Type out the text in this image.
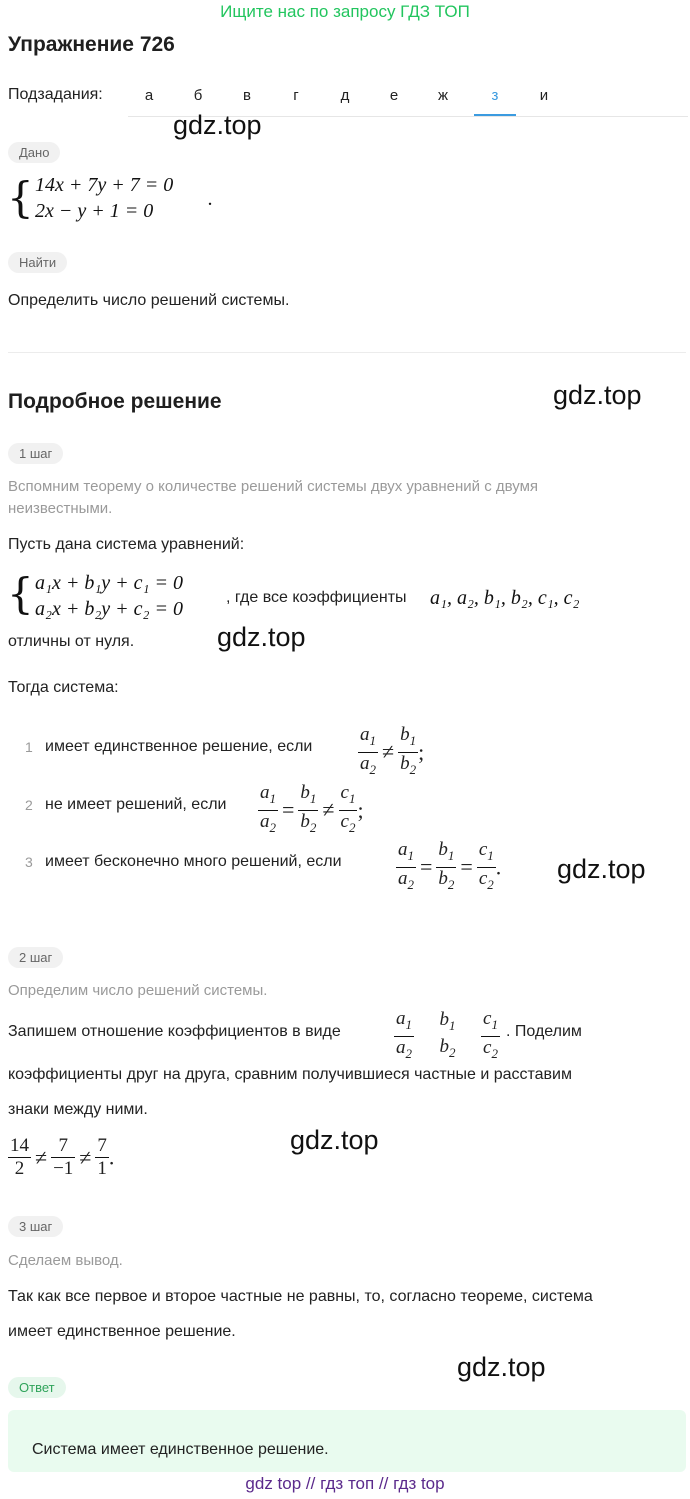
Ищите нас по запросу ГДЗ ТОП
Упражнение 726
Подзадания:	а	б	в	г	д	е	ж	з	и
gdz.top
gdz.top
gdz.top
gdz.top
gdz.top
gdz.top
Дано
{ 14x + 7y + 7 = 0
2x − y + 1 = 0
.
Найти
Определить число решений системы.
Подробное решение
1 шаг
Вспомним теорему о количестве решений системы двух уравнений с двумя неизвестными.
Пусть дана система уравнений:
{ a₁x + b₁y + c₁ = 0
a₂x + b₂y + c₂ = 0
, где все коэффициенты a₁, a₂, b₁, b₂, c₁, c₂
отличны от нуля.
Тогда система:
1 имеет единственное решение, если $\frac{a_1}{a_2} \ne \frac{b_1}{b_2}$ ;
2 не имеет решений, если $\frac{a_1}{a_2} = \frac{b_1}{b_2} \ne \frac{c_1}{c_2}$ ;
3 имеет бесконечно много решений, если	$\frac{a_1}{a_2} = \frac{b_1}{b_2} = \frac{c_1}{c_2}$ .
2 шаг
Определим число решений системы.
Запишем отношение коэффициентов в виде	$\frac{a_1}{a_2}$
$b_1$
$b_2$
$\frac{c_1}{c_2}$ . Поделим
коэффициенты друг на друга, сравним получившиеся частные и расставим
знаки между ними.
$\frac{14}{2} \ne \frac{7}{-1} \ne \frac{7}{1}$ .
3 шаг
Сделаем вывод.
Так как все первое и второе частные не равны, то, согласно теореме, система
имеет единственное решение.
Ответ
Система имеет единственное решение.
gdz top // гдз топ // гдз top
